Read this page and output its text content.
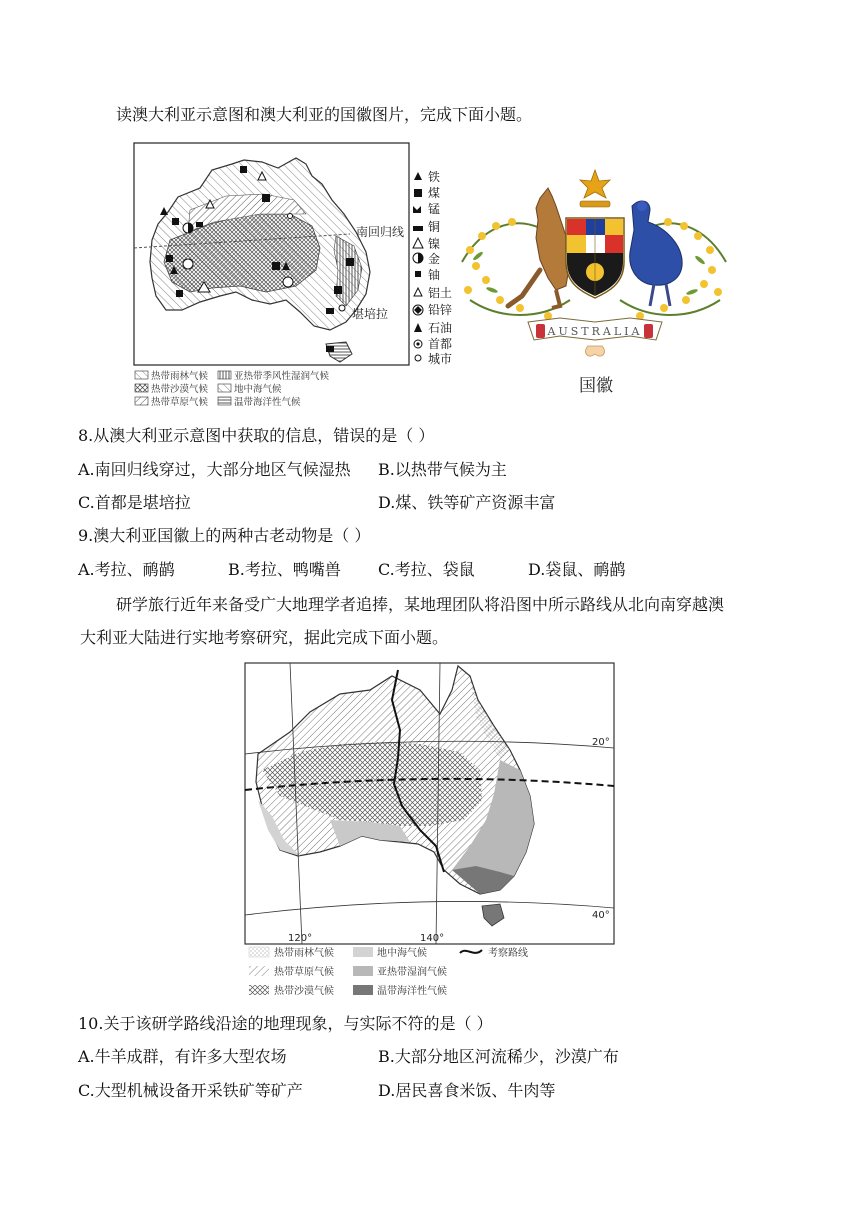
读澳大利亚示意图和澳大利亚的国徽图片，完成下面小题。
南回归线
堪培拉
铁
煤
锰
铜
镍
金
铀
铝土
铅锌
石油
首都
城市
热带雨林气候
热带沙漠气候
热带草原气候
亚热带季风性湿润气候
地中海气候
温带海洋性气候
AUSTRALIA
国徽
8.从澳大利亚示意图中获取的信息，错误的是（ ）
A.南回归线穿过，大部分地区气候湿热 B.以热带气候为主
C.首都是堪培拉	D.煤、铁等矿产资源丰富
9.澳大利亚国徽上的两种古老动物是（ ）
A.考拉、鸸鹋	B.考拉、鸭嘴兽 C.考拉、袋鼠	D.袋鼠、鸸鹋
研学旅行近年来备受广大地理学者追捧，某地理团队将沿图中所示路线从北向南穿越澳
大利亚大陆进行实地考察研究，据此完成下面小题。
20°
40°
120°	140°
热带雨林气候	地中海气候	考察路线
热带草原气候	亚热带湿润气候
热带沙漠气候	温带海洋性气候
10.关于该研学路线沿途的地理现象，与实际不符的是（ ）
A.牛羊成群，有许多大型农场	B.大部分地区河流稀少，沙漠广布
C.大型机械设备开采铁矿等矿产	D.居民喜食米饭、牛肉等
